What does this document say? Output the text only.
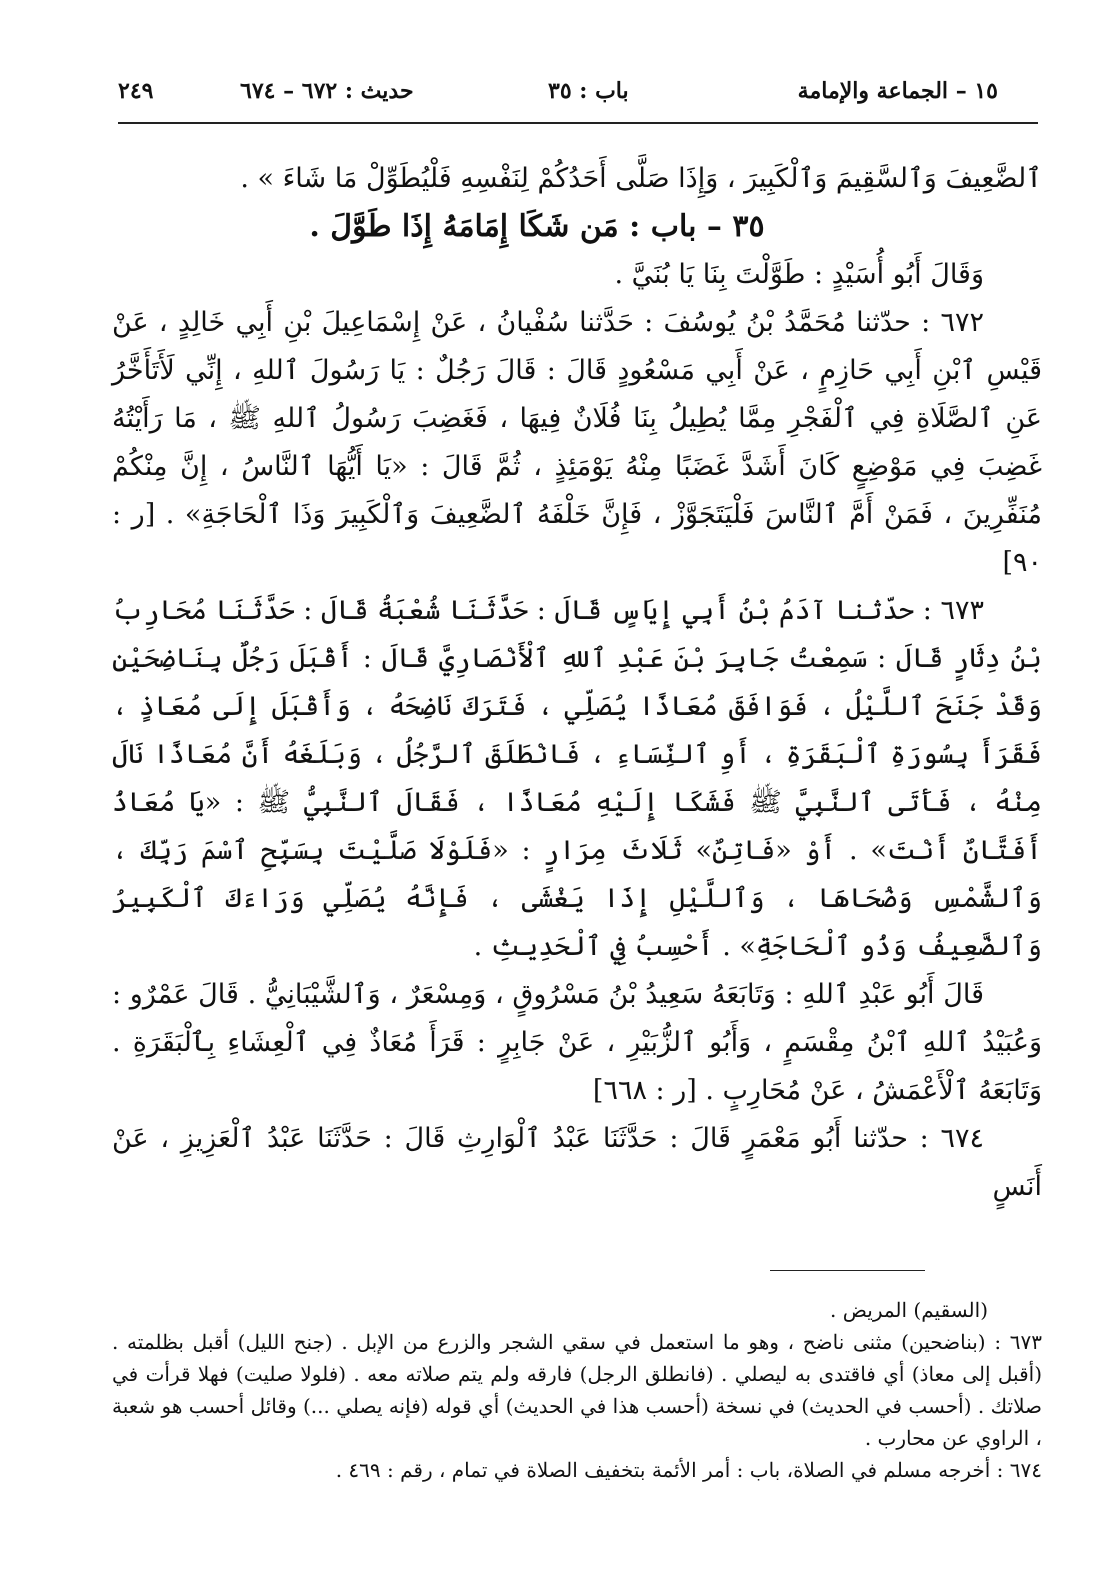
١٥ – الجماعة والإمامة
باب : ٣٥
حديث : ٦٧٢ – ٦٧٤
٢٤٩

ٱلضَّعِيفَ وَٱلسَّقِيمَ وَٱلْكَبِيرَ ، وَإِذَا صَلَّى أَحَدُكُمْ لِنَفْسِهِ فَلْيُطَوِّلْ مَا شَاءَ » .

٣٥ – باب : مَن شَكَا إِمَامَهُ إِذَا طَوَّلَ .

وَقَالَ أَبُو أُسَيْدٍ : طَوَّلْتَ بِنَا يَا بُنَيَّ .

٦٧٢ : حدّثنا مُحَمَّدُ بْنُ يُوسُفَ : حَدَّثنا سُفْيانُ ، عَنْ إِسْمَاعِيلَ بْنِ أَبِي خَالِدٍ ، عَنْ قَيْسِ ٱبْنِ أَبِي حَازِمٍ ، عَنْ أَبِي مَسْعُودٍ قَالَ : قَالَ رَجُلٌ : يَا رَسُولَ ٱللهِ ، إِنِّي لَأَتَأَخَّرُ عَنِ ٱلصَّلَاةِ فِي ٱلْفَجْرِ مِمَّا يُطِيلُ بِنَا فُلَانٌ فِيهَا ، فَغَضِبَ رَسُولُ ٱللهِ ﷺ ، مَا رَأَيْتُهُ غَضِبَ فِي مَوْضِعٍ كَانَ أَشَدَّ غَضَبًا مِنْهُ يَوْمَئِذٍ ، ثُمَّ قَالَ : «يَا أَيُّهَا ٱلنَّاسُ ، إِنَّ مِنْكُمْ مُنَفِّرِينَ ، فَمَنْ أَمَّ ٱلنَّاسَ فَلْيَتَجَوَّزْ ، فَإِنَّ خَلْفَهُ ٱلضَّعِيفَ وَٱلْكَبِيرَ وَذَا ٱلْحَاجَةِ» . [ر : ٩٠]

٦٧٣ : حدّثنا آدَمُ بْنُ أَبِي إِيَاسٍ قَالَ : حَدَّثَنَا شُعْبَةُ قَالَ : حَدَّثَنَا مُحَارِبُ بْنُ دِثَارٍ قَالَ : سَمِعْتُ جَابِرَ بْنَ عَبْدِ ٱللهِ ٱلْأَنْصَارِيَّ قَالَ : أَقْبَلَ رَجُلٌ بِنَاضِحَيْنِ وَقَدْ جَنَحَ ٱللَّيْلُ ، فَوَافَقَ مُعَاذًا يُصَلِّي ، فَتَرَكَ نَاضِحَهُ ، وَأَقْبَلَ إِلَى مُعَاذٍ ، فَقَرَأَ بِسُورَةِ ٱلْبَقَرَةِ ، أَوِ ٱلنِّسَاءِ ، فَانْطَلَقَ ٱلرَّجُلُ ، وَبَلَغَهُ أَنَّ مُعَاذًا نَالَ مِنْهُ ، فَأَتَى ٱلنَّبِيَّ ﷺ فَشَكَا إِلَيْهِ مُعَاذًا ، فَقَالَ ٱلنَّبِيُّ ﷺ : «يَا مُعَاذُ أَفَتَّانٌ أَنْتَ» . أَوْ «فَاتِنٌ» ثَلَاثَ مِرَارٍ : «فَلَوْلَا صَلَّيْتَ بِسَبِّحِ ٱسْمَ رَبِّكَ ، وَٱلشَّمْسِ وَضُحَاهَا ، وَٱللَّيْلِ إِذَا يَغْشَى ، فَإِنَّهُ يُصَلِّي وَرَاءَكَ ٱلْكَبِيرُ وَٱلضَّعِيفُ وَذُو ٱلْحَاجَةِ» . أَحْسِبُ فِي ٱلْحَدِيثِ .

قَالَ أَبُو عَبْدِ ٱللهِ : وَتَابَعَهُ سَعِيدُ بْنُ مَسْرُوقٍ ، وَمِسْعَرٌ ، وَٱلشَّيْبَانِيُّ . قَالَ عَمْرٌو : وَعُبَيْدُ ٱللهِ ٱبْنُ مِقْسَمٍ ، وَأَبُو ٱلزُّبَيْرِ ، عَنْ جَابِرٍ : قَرَأَ مُعَاذٌ فِي ٱلْعِشَاءِ بِٱلْبَقَرَةِ . وَتَابَعَهُ ٱلْأَعْمَشُ ، عَنْ مُحَارِبٍ . [ر : ٦٦٨]

٦٧٤ : حدّثنا أَبُو مَعْمَرٍ قَالَ : حَدَّثَنَا عَبْدُ ٱلْوَارِثِ قَالَ : حَدَّثَنَا عَبْدُ ٱلْعَزِيزِ ، عَنْ أَنَسٍ

(السقيم) المريض .

٦٧٣ : (بناضحين) مثنى ناضح ، وهو ما استعمل في سقي الشجر والزرع من الإبل . (جنح الليل) أقبل بظلمته . (أقبل إلى معاذ) أي فاقتدى به ليصلي . (فانطلق الرجل) فارقه ولم يتم صلاته معه . (فلولا صليت) فهلا قرأت في صلاتك . (أحسب في الحديث) في نسخة (أحسب هذا في الحديث) أي قوله (فإنه يصلي ...) وقائل أحسب هو شعبة ، الراوي عن محارب .

٦٧٤ : أخرجه مسلم في الصلاة، باب : أمر الأئمة بتخفيف الصلاة في تمام ، رقم : ٤٦٩ .
